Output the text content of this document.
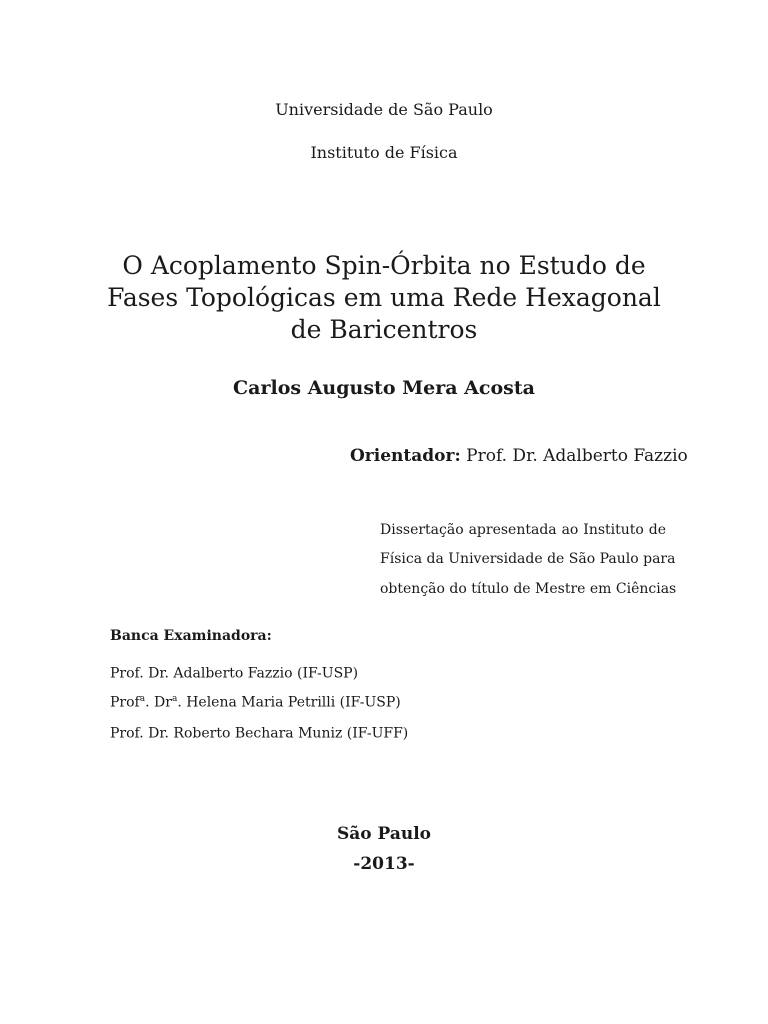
Universidade de São Paulo
Instituto de Física
O Acoplamento Spin-Órbita no Estudo de
Fases Topológicas em uma Rede Hexagonal
de Baricentros
Carlos Augusto Mera Acosta
Orientador: Prof. Dr. Adalberto Fazzio
Dissertação apresentada ao Instituto de
Física da Universidade de São Paulo para
obtenção do título de Mestre em Ciências
Banca Examinadora:
Prof. Dr. Adalberto Fazzio (IF-USP)
Prof$^a$. Dr$^a$. Helena Maria Petrilli (IF-USP)
Prof. Dr. Roberto Bechara Muniz (IF-UFF)
São Paulo
-2013-
